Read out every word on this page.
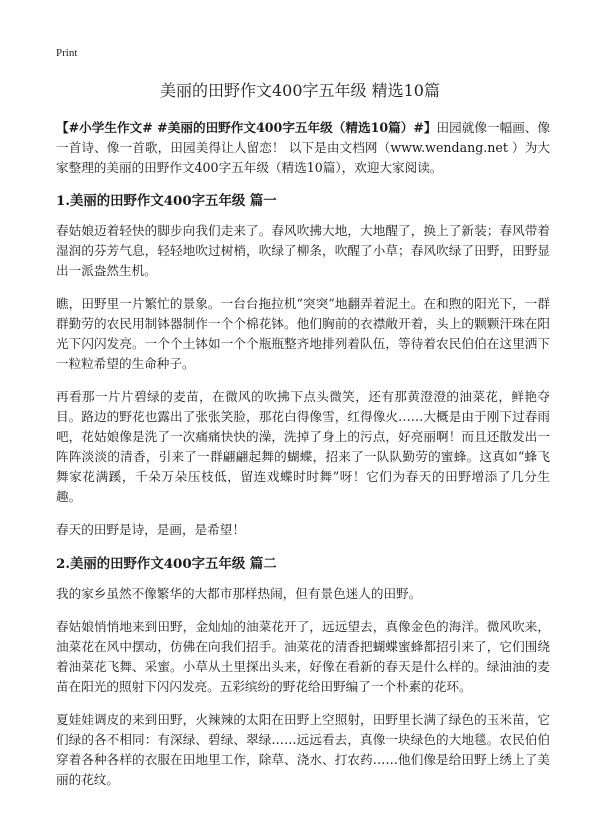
Print
美丽的田野作文400字五年级 精选10篇

【#小学生作文# #美丽的田野作文400字五年级（精选10篇）#】田园就像一幅画、像一首诗、像一首歌，田园美得让人留恋！ 以下是由文档网（www.wendang.net ）为大家整理的美丽的田野作文400字五年级（精选10篇），欢迎大家阅读。

1.美丽的田野作文400字五年级 篇一

春姑娘迈着轻快的脚步向我们走来了。春风吹拂大地，大地醒了，换上了新装；春风带着湿润的芬芳气息，轻轻地吹过树梢，吹绿了柳条，吹醒了小草；春风吹绿了田野，田野显出一派盎然生机。

瞧，田野里一片繁忙的景象。一台台拖拉机“突突”地翻弄着泥土。在和煦的阳光下，一群群勤劳的农民用制钵器制作一个个棉花钵。他们胸前的衣襟敞开着，头上的颗颗汗珠在阳光下闪闪发亮。一个个土钵如一个个瓶瓶整齐地排列着队伍，等待着农民伯伯在这里洒下一粒粒希望的生命种子。

再看那一片片碧绿的麦苗，在微风的吹拂下点头微笑，还有那黄澄澄的油菜花，鲜艳夺目。路边的野花也露出了张张笑脸，那花白得像雪，红得像火……大概是由于刚下过春雨吧，花姑娘像是洗了一次痛痛快快的澡，洗掉了身上的污点，好亮丽啊！而且还散发出一阵阵淡淡的清香，引来了一群翩翩起舞的蝴蝶，招来了一队队勤劳的蜜蜂。这真如“蜂飞舞家花满蹊，千朵万朵压枝低，留连戏蝶时时舞”呀！它们为春天的田野增添了几分生趣。

春天的田野是诗，是画，是希望！

2.美丽的田野作文400字五年级 篇二

我的家乡虽然不像繁华的大都市那样热闹，但有景色迷人的田野。

春姑娘悄悄地来到田野，金灿灿的油菜花开了，远远望去，真像金色的海洋。微风吹来，油菜花在风中摆动，仿佛在向我们招手。油菜花的清香把蝴蝶蜜蜂都招引来了，它们围绕着油菜花飞舞、采蜜。小草从土里探出头来，好像在看新的春天是什么样的。绿油油的麦苗在阳光的照射下闪闪发亮。五彩缤纷的野花给田野编了一个朴素的花环。

夏娃娃调皮的来到田野，火辣辣的太阳在田野上空照射，田野里长满了绿色的玉米苗，它们绿的各不相同：有深绿、碧绿、翠绿……远远看去，真像一块绿色的大地毯。农民伯伯穿着各种各样的衣服在田地里工作，除草、浇水、打农药……他们像是给田野上绣上了美丽的花纹。
